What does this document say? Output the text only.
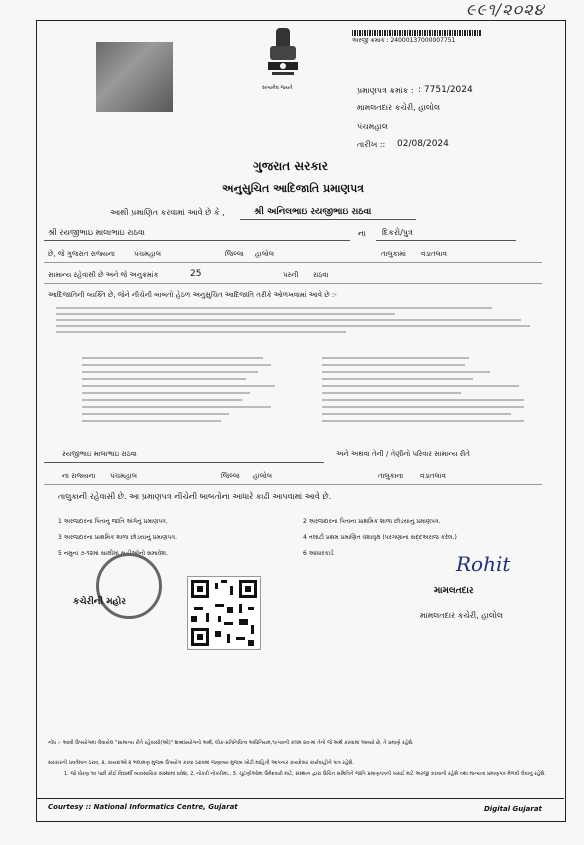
૯૯૧/૨૦૨૪
સત્યમેવ જયતે
અરજી ક્રમાંક : 240001370000077​51
પ્રમાણપત્ર ક્રમાંક : : 7751/2024
મામલતદાર કચેરી, હાલોલ
પંચમહાલ
તારીખ :: 02/08/2024
ગુજરાત સરકાર
અનુસુચિત આદિજાતિ પ્રમાણપત્ર
આથી પ્રમાણિત કરવામાં આવે છે કે ,	શ્રી અનિલભાઇ રયજીભાઇ રાઠવા
શ્રી રયજીભાઇ માલાભાઇ રાઠવા	ના દિકરો/પુત્ર
છે, જે ગુજરાત રાજ્યના	પંચમહાલ	જિલ્લા હાલોલ	તાલુકામાં વડાતલાવ
સામાન્ય રહેવાસી છે અને જે અનુક્રમાંક	25	પરની રાઠવા
આદિજાતિની વ્યક્તિ છે, જેને નીચેની બાબતો હેઠળ અનુસુચિત આદિજાતિ તરીકે ઓળખવામાં આવે છે :-
રયજીભાઇ માલાભાઇ રાઠવા	અને અથવા તેની / તેણીનો પરિવાર સામાન્ય રીતે
ના રાજ્યના પંચમહાલ	જિલ્લા હાલોલ	તાલુકાના વડાતલાવ
તાલુકાની રહેવાસી છે. આ પ્રમાણપત્ર નીચેની બાબતોના આધારે કાઢી આપવામાં આવે છે.
1 અરજદારના પિતાનું જાતિ અંગેનું પ્રમાણપત્ર.	2 અરજદારના પિતાના પ્રાથમિક શાળા છોડયાનું પ્રમાણપત્ર.
3 અરજદારના પ્રાથમિક શાળા છોડયાનું પ્રમાણપત્ર.	4 તલાટી પ્રથમ પ્રમાણિત વંશાવૃક્ષ (પરગણાના સદ્દઅરાજ કરેલ.)
5 નમુના ૭-૧૨માં સાક્ષીમાં સહીઓનો સમાવેશ.	6 આધારકાર્ડ
કચેરીની મહોર
Rohit
મામલતદાર
મામલતદાર કચેરી, હાલોલ
નોંધ :- આવી ઉપયોગમાં લેવાયેલ "સામાન્ય રીતે રહેવાસી(ઓ)" શબ્દપ્રયોગનો અર્થ, લોક-પ્રતિનિધિત્વ અધિનિયમ,૧૯૫૦ની કલમ ૨૦-માં તેનો જે અર્થ કરવામાં આવ્યો છે, તે પ્રમાણે રહેશે.
સરકારની પ્રવર્તમાન ઠરાવ, ૨, કાયદાઓ ૨ ભલામણ મુજબ ઉપયોગ કરવા ઠરાવમાં જણાવ્યા મુજબ ખોટી માહિતી આપનાર કાયદેસર કાર્યવાહીને પાત્ર રહેશે.
1. જો ધોરણ ૧૦ પછી કોઈ વિદ્યાર્થી વ્યવસાયિક સંસ્થામાં પ્રવેશ, 2. નોકરી નોકરીમાં., 3. ચૂંટણીઓમાં ઉમેદવારી માટે, સંસ્થાન દ્વારા ઉચિત સમિતિને જાતિ પ્રમાણપત્રની ખરાઈ માટે અરજી કરવાની રહેશે તથા માન્યતા પ્રમાણપત્ર મેળવી લેવાનું રહેશે.
Courtesy :: National Informatics Centre, Gujarat	Digital Gujarat
